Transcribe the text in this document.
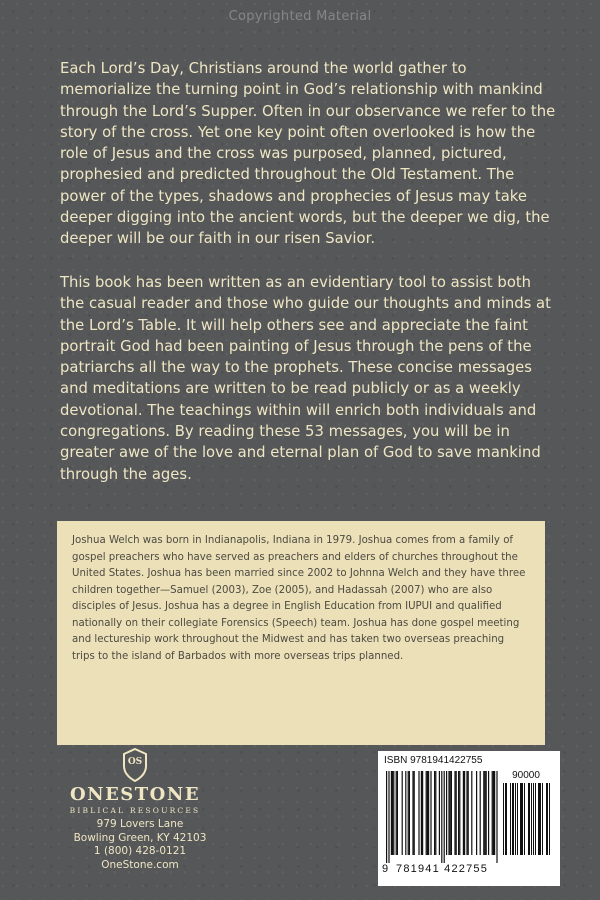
Copyrighted Material

Each Lord’s Day, Christians around the world gather to memorialize the turning point in God’s relationship with mankind through the Lord’s Supper. Often in our observance we refer to the story of the cross. Yet one key point often overlooked is how the role of Jesus and the cross was purposed, planned, pictured, prophesied and predicted throughout the Old Testament. The power of the types, shadows and prophecies of Jesus may take deeper digging into the ancient words, but the deeper we dig, the deeper will be our faith in our risen Savior.

This book has been written as an evidentiary tool to assist both the casual reader and those who guide our thoughts and minds at the Lord’s Table. It will help others see and appreciate the faint portrait God had been painting of Jesus through the pens of the patriarchs all the way to the prophets. These concise messages and meditations are written to be read publicly or as a weekly devotional. The teachings within will enrich both individuals and congregations. By reading these 53 messages, you will be in greater awe of the love and eternal plan of God to save mankind through the ages.

Joshua Welch was born in Indianapolis, Indiana in 1979. Joshua comes from a family of gospel preachers who have served as preachers and elders of churches throughout the United States. Joshua has been married since 2002 to Johnna Welch and they have three children together—Samuel (2003), Zoe (2005), and Hadassah (2007) who are also disciples of Jesus. Joshua has a degree in English Education from IUPUI and qualified nationally on their collegiate Forensics (Speech) team. Joshua has done gospel meeting and lectureship work throughout the Midwest and has taken two overseas preaching trips to the island of Barbados with more overseas trips planned.

OS
ONESTONE
BIBLICAL RESOURCES
979 Lovers Lane
Bowling Green, KY 42103
1 (800) 428-0121
OneStone.com
ISBN 9781941422755
90000
9 781941 422755
